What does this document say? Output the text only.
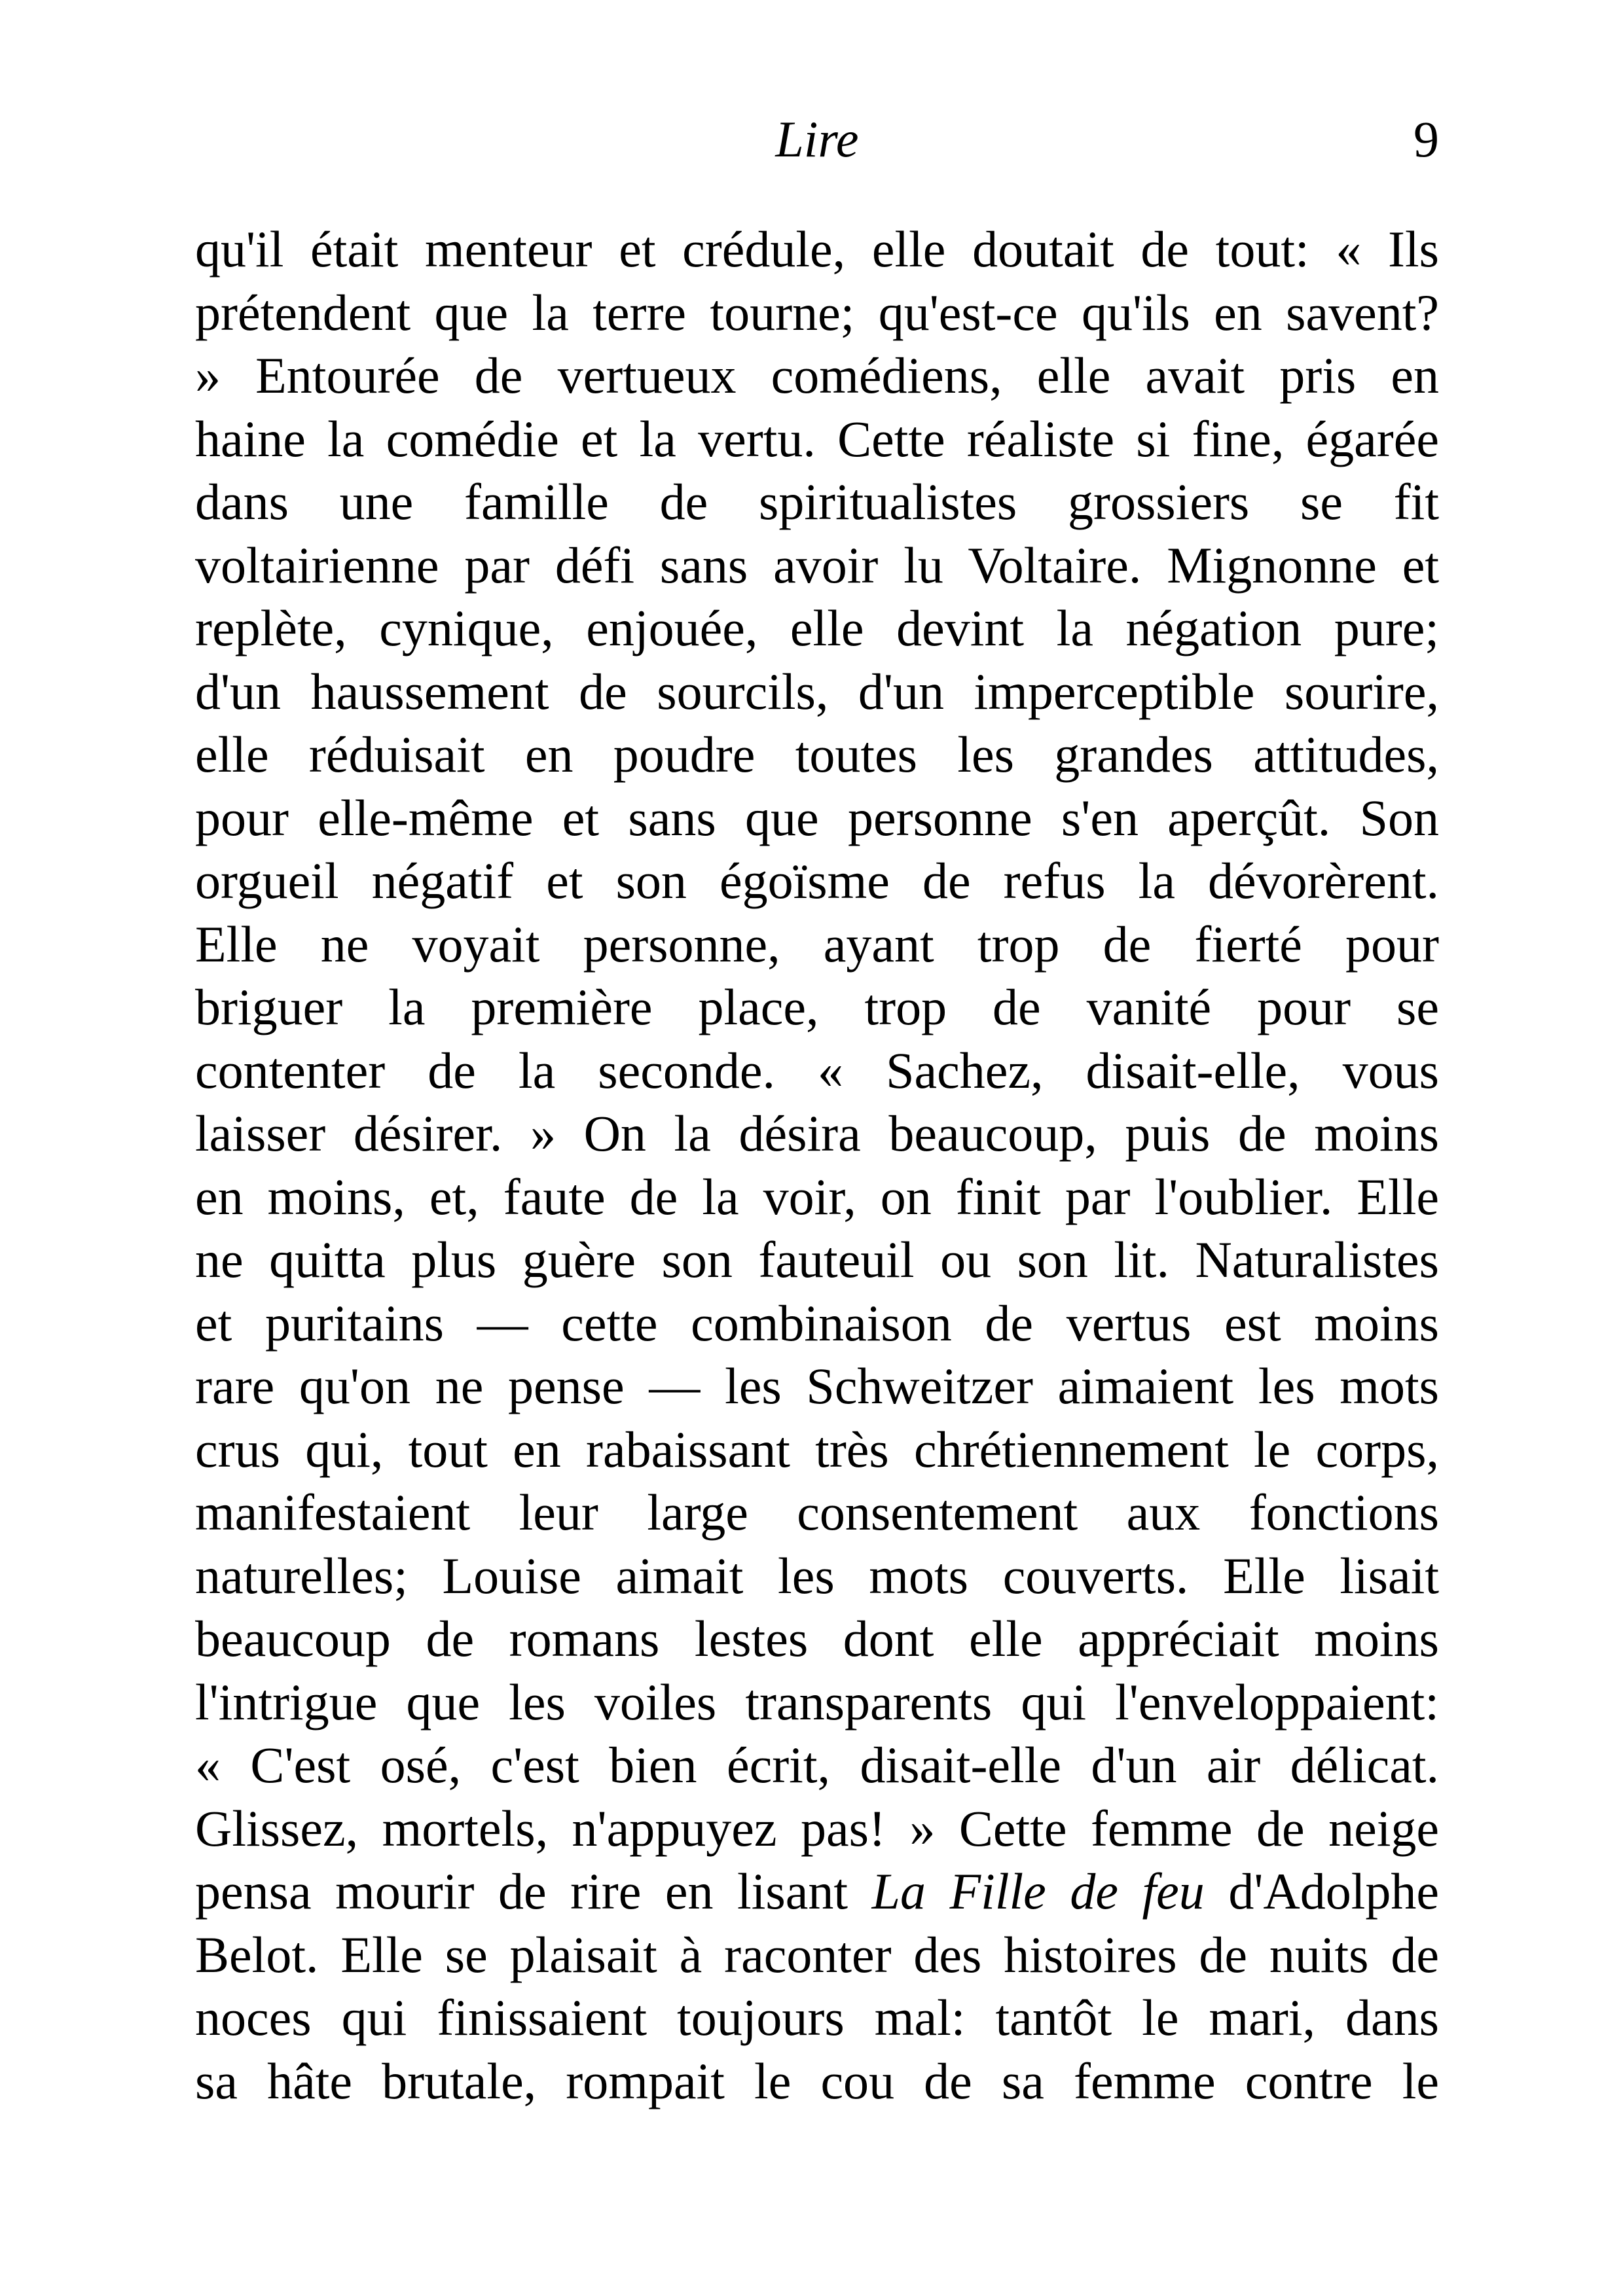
Lire	9
qu'il était menteur et crédule, elle doutait de tout: « Ils
prétendent que la terre tourne; qu'est-ce qu'ils en savent?
» Entourée de vertueux comédiens, elle avait pris en
haine la comédie et la vertu. Cette réaliste si fine, égarée
dans une famille de spiritualistes grossiers se fit
voltairienne par défi sans avoir lu Voltaire. Mignonne et
replète, cynique, enjouée, elle devint la négation pure;
d'un haussement de sourcils, d'un imperceptible sourire,
elle réduisait en poudre toutes les grandes attitudes,
pour elle-même et sans que personne s'en aperçût. Son
orgueil négatif et son égoïsme de refus la dévorèrent.
Elle ne voyait personne, ayant trop de fierté pour
briguer la première place, trop de vanité pour se
contenter de la seconde. « Sachez, disait-elle, vous
laisser désirer. » On la désira beaucoup, puis de moins
en moins, et, faute de la voir, on finit par l'oublier. Elle
ne quitta plus guère son fauteuil ou son lit. Naturalistes
et puritains — cette combinaison de vertus est moins
rare qu'on ne pense — les Schweitzer aimaient les mots
crus qui, tout en rabaissant très chrétiennement le corps,
manifestaient leur large consentement aux fonctions
naturelles; Louise aimait les mots couverts. Elle lisait
beaucoup de romans lestes dont elle appréciait moins
l'intrigue que les voiles transparents qui l'enveloppaient:
« C'est osé, c'est bien écrit, disait-elle d'un air délicat.
Glissez, mortels, n'appuyez pas! » Cette femme de neige
pensa mourir de rire en lisant La Fille de feu d'Adolphe
Belot. Elle se plaisait à raconter des histoires de nuits de
noces qui finissaient toujours mal: tantôt le mari, dans
sa hâte brutale, rompait le cou de sa femme contre le
